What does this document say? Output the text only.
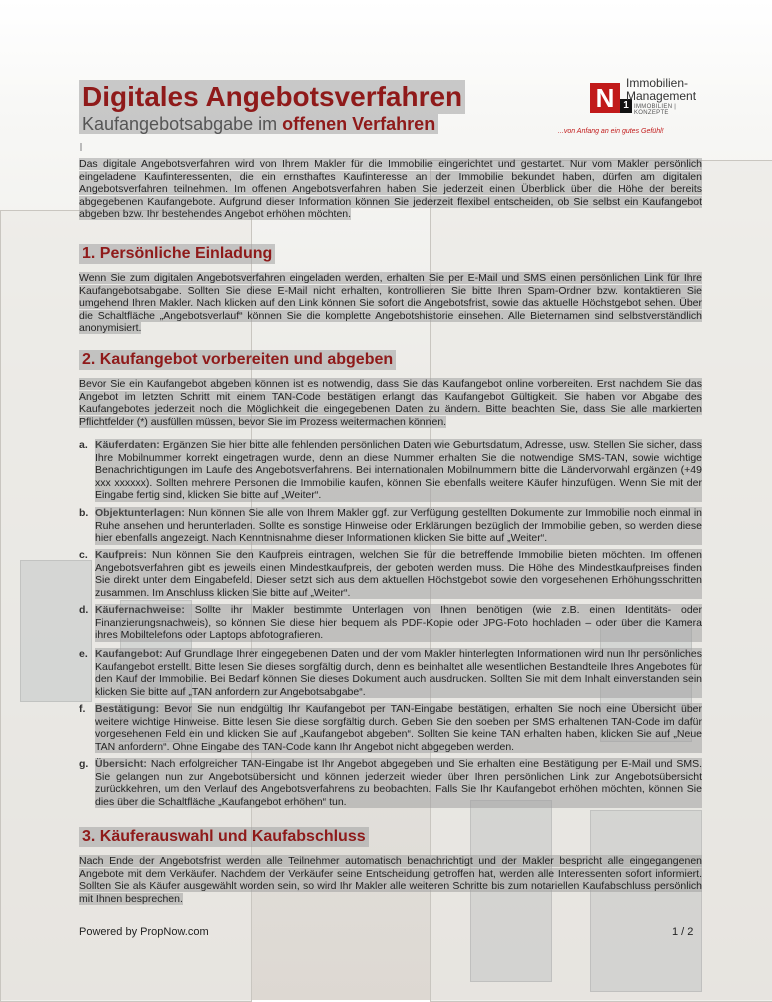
Digitales Angebotsverfahren
Kaufangebotsabgabe im offenen Verfahren
N 1
Immobilien-
Management
IMMOBILIEN | KONZEPTE
...von Anfang an ein gutes Gefühl!

Das digitale Angebotsverfahren wird von Ihrem Makler für die Immobilie eingerichtet und gestartet. Nur vom Makler persönlich eingeladene Kaufinteressenten, die ein ernsthaftes Kaufinteresse an der Immobilie bekundet haben, dürfen am digitalen Angebotsverfahren teilnehmen. Im offenen Angebotsverfahren haben Sie jederzeit einen Überblick über die Höhe der bereits abgegebenen Kaufangebote. Aufgrund dieser Information können Sie jederzeit flexibel entscheiden, ob Sie selbst ein Kaufangebot abgeben bzw. Ihr bestehendes Angebot erhöhen möchten.

1. Persönliche Einladung

Wenn Sie zum digitalen Angebotsverfahren eingeladen werden, erhalten Sie per E-Mail und SMS einen persönlichen Link für Ihre Kaufangebotsabgabe. Sollten Sie diese E-Mail nicht erhalten, kontrollieren Sie bitte Ihren Spam-Ordner bzw. kontaktieren Sie umgehend Ihren Makler. Nach klicken auf den Link können Sie sofort die Angebotsfrist, sowie das aktuelle Höchstgebot sehen. Über die Schaltfläche „Angebotsverlauf“ können Sie die komplette Angebotshistorie einsehen. Alle Bieternamen sind selbstverständlich anonymisiert.

2. Kaufangebot vorbereiten und abgeben

Bevor Sie ein Kaufangebot abgeben können ist es notwendig, dass Sie das Kaufangebot online vorbereiten. Erst nachdem Sie das Angebot im letzten Schritt mit einem TAN-Code bestätigen erlangt das Kaufangebot Gültigkeit. Sie haben vor Abgabe des Kaufangebotes jederzeit noch die Möglichkeit die eingegebenen Daten zu ändern. Bitte beachten Sie, dass Sie alle markierten Pflichtfelder (*) ausfüllen müssen, bevor Sie im Prozess weitermachen können.

a. Käuferdaten: Ergänzen Sie hier bitte alle fehlenden persönlichen Daten wie Geburtsdatum, Adresse, usw. Stellen Sie sicher, dass Ihre Mobilnummer korrekt eingetragen wurde, denn an diese Nummer erhalten Sie die notwendige SMS-TAN, sowie wichtige Benachrichtigungen im Laufe des Angebotsverfahrens. Bei internationalen Mobilnummern bitte die Ländervorwahl ergänzen (+49 xxx xxxxxx). Sollten mehrere Personen die Immobilie kaufen, können Sie ebenfalls weitere Käufer hinzufügen. Wenn Sie mit der Eingabe fertig sind, klicken Sie bitte auf „Weiter“.
b. Objektunterlagen: Nun können Sie alle von Ihrem Makler ggf. zur Verfügung gestellten Dokumente zur Immobilie noch einmal in Ruhe ansehen und herunterladen. Sollte es sonstige Hinweise oder Erklärungen bezüglich der Immobilie geben, so werden diese hier ebenfalls angezeigt. Nach Kenntnisnahme dieser Informationen klicken Sie bitte auf „Weiter“.
c. Kaufpreis: Nun können Sie den Kaufpreis eintragen, welchen Sie für die betreffende Immobilie bieten möchten. Im offenen Angebotsverfahren gibt es jeweils einen Mindestkaufpreis, der geboten werden muss. Die Höhe des Mindestkaufpreises finden Sie direkt unter dem Eingabefeld. Dieser setzt sich aus dem aktuellen Höchstgebot sowie den vorgesehenen Erhöhungsschritten zusammen. Im Anschluss klicken Sie bitte auf „Weiter“.
d. Käufernachweise: Sollte ihr Makler bestimmte Unterlagen von Ihnen benötigen (wie z.B. einen Identitäts- oder Finanzierungsnachweis), so können Sie diese hier bequem als PDF-Kopie oder JPG-Foto hochladen – oder über die Kamera ihres Mobiltelefons oder Laptops abfotografieren.
e. Kaufangebot: Auf Grundlage Ihrer eingegebenen Daten und der vom Makler hinterlegten Informationen wird nun Ihr persönliches Kaufangebot erstellt. Bitte lesen Sie dieses sorgfältig durch, denn es beinhaltet alle wesentlichen Bestandteile Ihres Angebotes für den Kauf der Immobilie. Bei Bedarf können Sie dieses Dokument auch ausdrucken. Sollten Sie mit dem Inhalt einverstanden sein klicken Sie bitte auf „TAN anfordern zur Angebotsabgabe“.
f. Bestätigung: Bevor Sie nun endgültig Ihr Kaufangebot per TAN-Eingabe bestätigen, erhalten Sie noch eine Übersicht über weitere wichtige Hinweise. Bitte lesen Sie diese sorgfältig durch. Geben Sie den soeben per SMS erhaltenen TAN-Code im dafür vorgesehenen Feld ein und klicken Sie auf „Kaufangebot abgeben“. Sollten Sie keine TAN erhalten haben, klicken Sie auf „Neue TAN anfordern“. Ohne Eingabe des TAN-Code kann Ihr Angebot nicht abgegeben werden.
g. Übersicht: Nach erfolgreicher TAN-Eingabe ist Ihr Angebot abgegeben und Sie erhalten eine Bestätigung per E-Mail und SMS. Sie gelangen nun zur Angebotsübersicht und können jederzeit wieder über Ihren persönlichen Link zur Angebotsübersicht zurückkehren, um den Verlauf des Angebotsverfahrens zu beobachten. Falls Sie Ihr Kaufangebot erhöhen möchten, können Sie dies über die Schaltfläche „Kaufangebot erhöhen“ tun.
3. Käuferauswahl und Kaufabschluss

Nach Ende der Angebotsfrist werden alle Teilnehmer automatisch benachrichtigt und der Makler bespricht alle eingegangenen Angebote mit dem Verkäufer. Nachdem der Verkäufer seine Entscheidung getroffen hat, werden alle Interessenten sofort informiert. Sollten Sie als Käufer ausgewählt worden sein, so wird Ihr Makler alle weiteren Schritte bis zum notariellen Kaufabschluss persönlich mit Ihnen besprechen.

Powered by PropNow.com	1 / 2
